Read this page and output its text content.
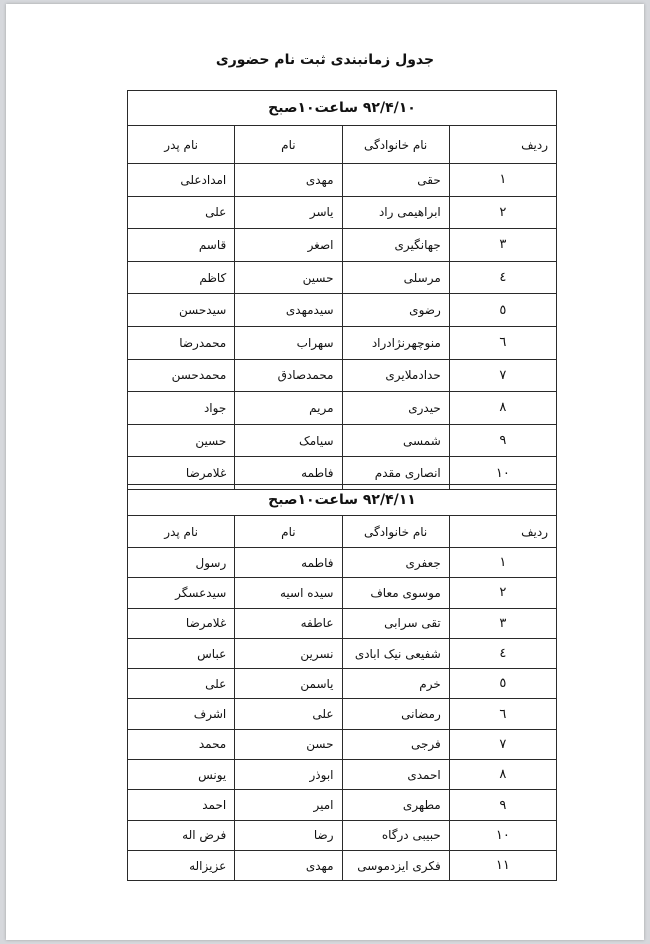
جدول زمانبندی ثبت نام حضوری
۹۲/۴/۱۰ ساعت۱۰صبح			
ردیف	نام خانوادگی	نام	نام پدر
۱	حقی	مهدی	امدادعلی
۲	ابراهیمی راد	یاسر	علی
۳	جهانگیری	اصغر	قاسم
٤	مرسلی	حسین	کاظم
٥	رضوی	سیدمهدی	سیدحسن
٦	منوچهرنژادراد	سهراب	محمدرضا
۷	حدادملایری	محمدصادق	محمدحسن
۸	حیدری	مریم	جواد
۹	شمسی	سیامک	حسین
۱۰	انصاری مقدم	فاطمه	غلامرضا
۹۲/۴/۱۱ ساعت۱۰صبح			
ردیف	نام خانوادگی	نام	نام پدر
۱	جعفری	فاطمه	رسول
۲	موسوی معاف	سیده اسیه	سیدعسگر
۳	تقی سرابی	عاطفه	غلامرضا
٤	شفیعی نیک ابادی	نسرین	عباس
٥	خرم	یاسمن	علی
٦	رمضانی	علی	اشرف
۷	فرجی	حسن	محمد
۸	احمدی	ابوذر	یونس
۹	مطهری	امیر	احمد
۱۰	حبیبی درگاه	رضا	فرض اله
۱۱	فکری ایزدموسی	مهدی	عزیزاله
